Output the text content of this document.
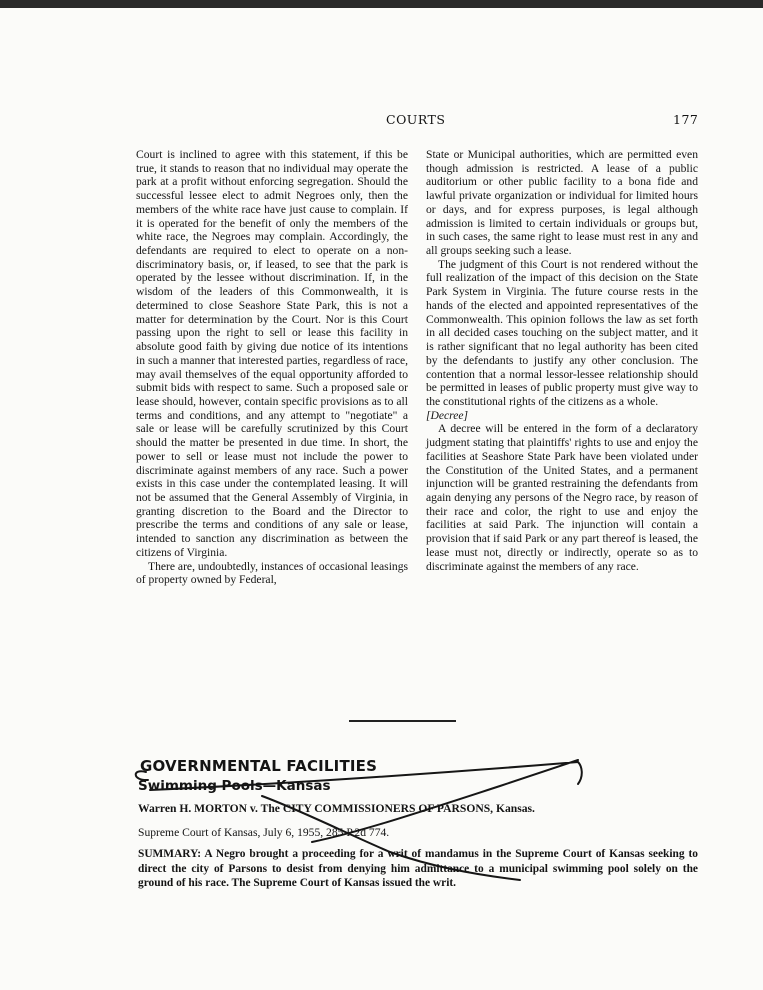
COURTS	177

Court is inclined to agree with this statement, if this be true, it stands to reason that no individual may operate the park at a profit without enforcing segregation. Should the successful lessee elect to admit Negroes only, then the members of the white race have just cause to complain. If it is operated for the benefit of only the members of the white race, the Negroes may complain. Accordingly, the defendants are required to elect to operate on a non-discriminatory basis, or, if leased, to see that the park is operated by the lessee without discrimination. If, in the wisdom of the leaders of this Commonwealth, it is determined to close Seashore State Park, this is not a matter for determination by the Court. Nor is this Court passing upon the right to sell or lease this facility in absolute good faith by giving due notice of its intentions in such a manner that interested parties, regardless of race, may avail themselves of the equal opportunity afforded to submit bids with respect to same. Such a proposed sale or lease should, however, contain specific provisions as to all terms and conditions, and any attempt to "negotiate" a sale or lease will be carefully scrutinized by this Court should the matter be presented in due time. In short, the power to sell or lease must not include the power to discriminate against members of any race. Such a power exists in this case under the contemplated leasing. It will not be assumed that the General Assembly of Virginia, in granting discretion to the Board and the Director to prescribe the terms and conditions of any sale or lease, intended to sanction any discrimination as between the citizens of Virginia.

There are, undoubtedly, instances of occasional leasings of property owned by Federal,

State or Municipal authorities, which are permitted even though admission is restricted. A lease of a public auditorium or other public facility to a bona fide and lawful private organization or individual for limited hours or days, and for express purposes, is legal although admission is limited to certain individuals or groups but, in such cases, the same right to lease must rest in any and all groups seeking such a lease.

The judgment of this Court is not rendered without the full realization of the impact of this decision on the State Park System in Virginia. The future course rests in the hands of the elected and appointed representatives of the Commonwealth. This opinion follows the law as set forth in all decided cases touching on the subject matter, and it is rather significant that no legal authority has been cited by the defendants to justify any other conclusion. The contention that a normal lessor-lessee relationship should be permitted in leases of public property must give way to the constitutional rights of the citizens as a whole.

[Decree]

A decree will be entered in the form of a declaratory judgment stating that plaintiffs' rights to use and enjoy the facilities at Seashore State Park have been violated under the Constitution of the United States, and a permanent injunction will be granted restraining the defendants from again denying any persons of the Negro race, by reason of their race and color, the right to use and enjoy the facilities at said Park. The injunction will contain a provision that if said Park or any part thereof is leased, the lease must not, directly or indirectly, operate so as to discriminate against the members of any race.

GOVERNMENTAL FACILITIES
Swimming Pools—Kansas
Warren H. MORTON v. The CITY COMMISSIONERS OF PARSONS, Kansas.
Supreme Court of Kansas, July 6, 1955, 285 P.2d 774.

SUMMARY: A Negro brought a proceeding for a writ of mandamus in the Supreme Court of Kansas seeking to direct the city of Parsons to desist from denying him admittance to a municipal swimming pool solely on the ground of his race. The Supreme Court of Kansas issued the writ.
